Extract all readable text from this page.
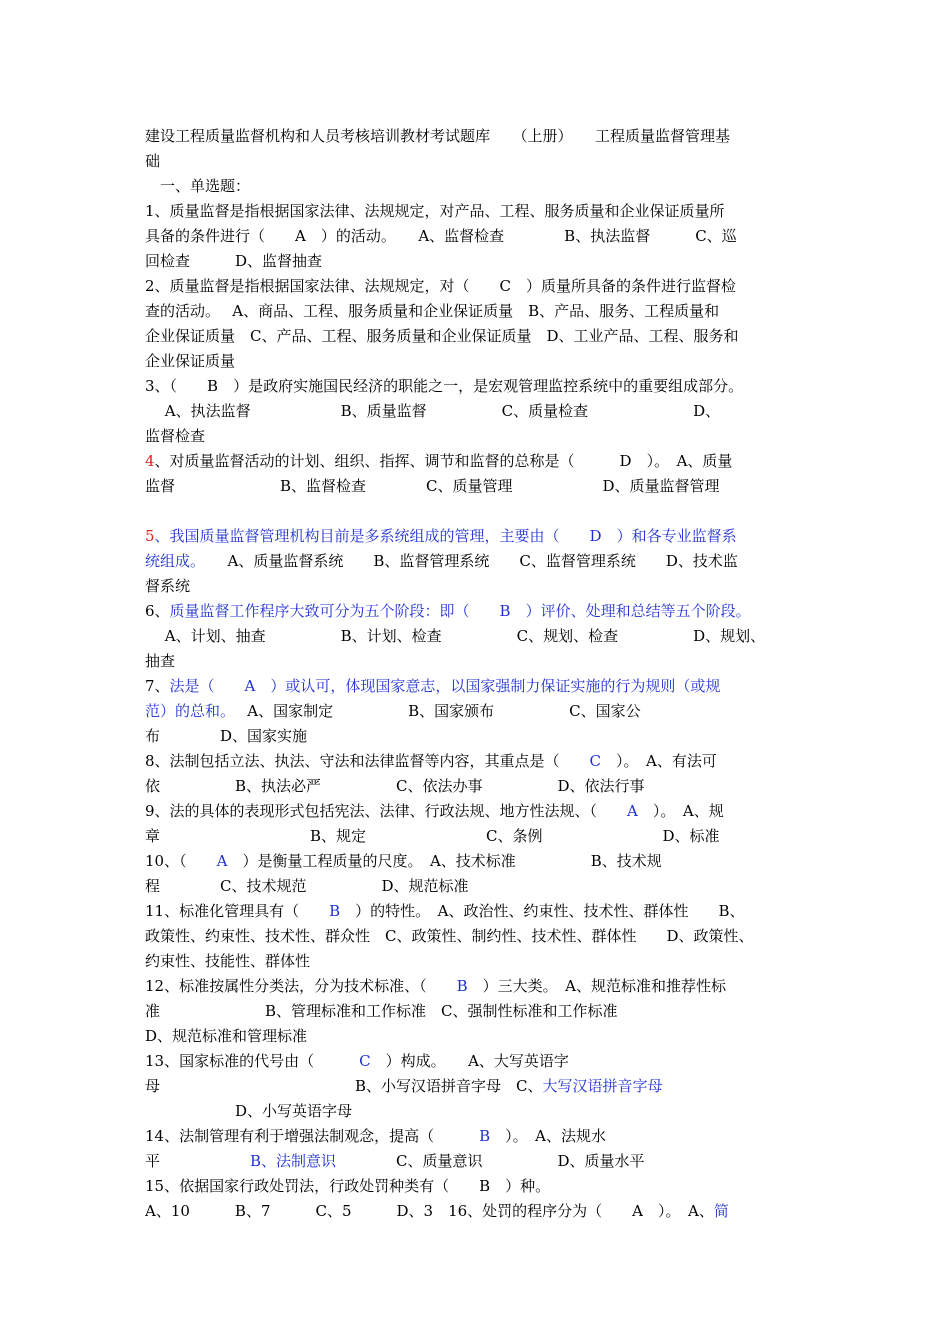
建设工程质量监督机构和人员考核培训教材考试题库　　（上册）　　工程质量监督管理基
础
　一、单选题：
1、质量监督是指根据国家法律、法规规定，对产品、工程、服务质量和企业保证质量所
具备的条件进行（　　A　）的活动。　　A、监督检查　　　　B、执法监督　　　C、巡
回检查　　　D、监督抽查
2、质量监督是指根据国家法律、法规规定，对（　　C　）质量所具备的条件进行监督检
查的活动。　 A、商品、工程、服务质量和企业保证质量　B、产品、服务、工程质量和
企业保证质量　C、产品、工程、服务质量和企业保证质量　D、工业产品、工程、服务和
企业保证质量
3、（　　B　）是政府实施国民经济的职能之一，是宏观管理监控系统中的重要组成部分。
　 A、执法监督　　　　　　B、质量监督　　　　　C、质量检查　　　　　　　D、
监督检查
4、对质量监督活动的计划、组织、指挥、调节和监督的总称是（　　　D　）。　A、质量
监督　　　　　　　B、监督检查　　　　C、质量管理　　　　　　D、质量监督管理
5、我国质量监督管理机构目前是多系统组成的管理，主要由（　　D　）和各专业监督系
统组成。　　A、质量监督系统　　B、监督管理系统　　C、监督管理系统　　D、技术监
督系统
6、质量监督工作程序大致可分为五个阶段：即（　　B　）评价、处理和总结等五个阶段。
　 A、计划、抽查　　　　　B、计划、检查　　　　　C、规划、检查　　　　　D、规划、
抽查
7、法是（　　A　）或认可，体现国家意志，以国家强制力保证实施的行为规则（或规
范）的总和。　 A、国家制定　　　　　B、国家颁布　　　　　C、国家公
布　　　　D、国家实施
8、法制包括立法、执法、守法和法律监督等内容，其重点是（　　C　）。　A、有法可
依　　　　　B、执法必严　　　　　C、依法办事　　　　　D、依法行事
9、法的具体的表现形式包括宪法、法律、行政法规、地方性法规、（　　A　）。　A、规
章　　　　　　　　　　B、规定　　　　　　　　C、条例　　　　　　　　D、标准
10、（　　A　）是衡量工程质量的尺度。　A、技术标准　　　　　B、技术规
程　　　　C、技术规范　　　　　D、规范标准
11、标准化管理具有（　　B　）的特性。　A、政治性、约束性、技术性、群体性　　B、
政策性、约束性、技术性、群众性　C、政策性、制约性、技术性、群体性　　D、政策性、
约束性、技能性、群体性
12、标准按属性分类法，分为技术标准、（　　B　）三大类。　A、规范标准和推荐性标
准　　　　　　　B、管理标准和工作标准　C、强制性标准和工作标准
D、规范标准和管理标准
13、国家标准的代号由（　　　C　）构成。　　A、大写英语字
母　　　　　　　　　　　　　B、小写汉语拼音字母　C、大写汉语拼音字母
　　　　　　D、小写英语字母
14、法制管理有利于增强法制观念，提高（　　　B　）。　A、法规水
平　　　　　　B、法制意识　　　　C、质量意识　　　　　D、质量水平
15、依据国家行政处罚法，行政处罚种类有（　　B　）种。
A、10　　　B、7　　　C、5　　　D、3　16、处罚的程序分为（　　A　）。　A、简
